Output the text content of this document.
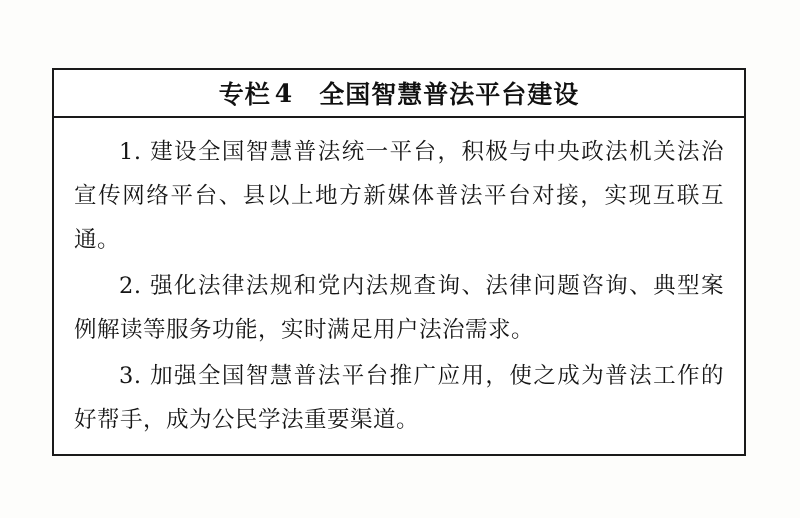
专栏 4 全国智慧普法平台建设

1. 建设全国智慧普法统一平台，积极与中央政法机关法治宣传网络平台、县以上地方新媒体普法平台对接，实现互联互通。

2. 强化法律法规和党内法规查询、法律问题咨询、典型案例解读等服务功能，实时满足用户法治需求。

3. 加强全国智慧普法平台推广应用，使之成为普法工作的好帮手，成为公民学法重要渠道。
